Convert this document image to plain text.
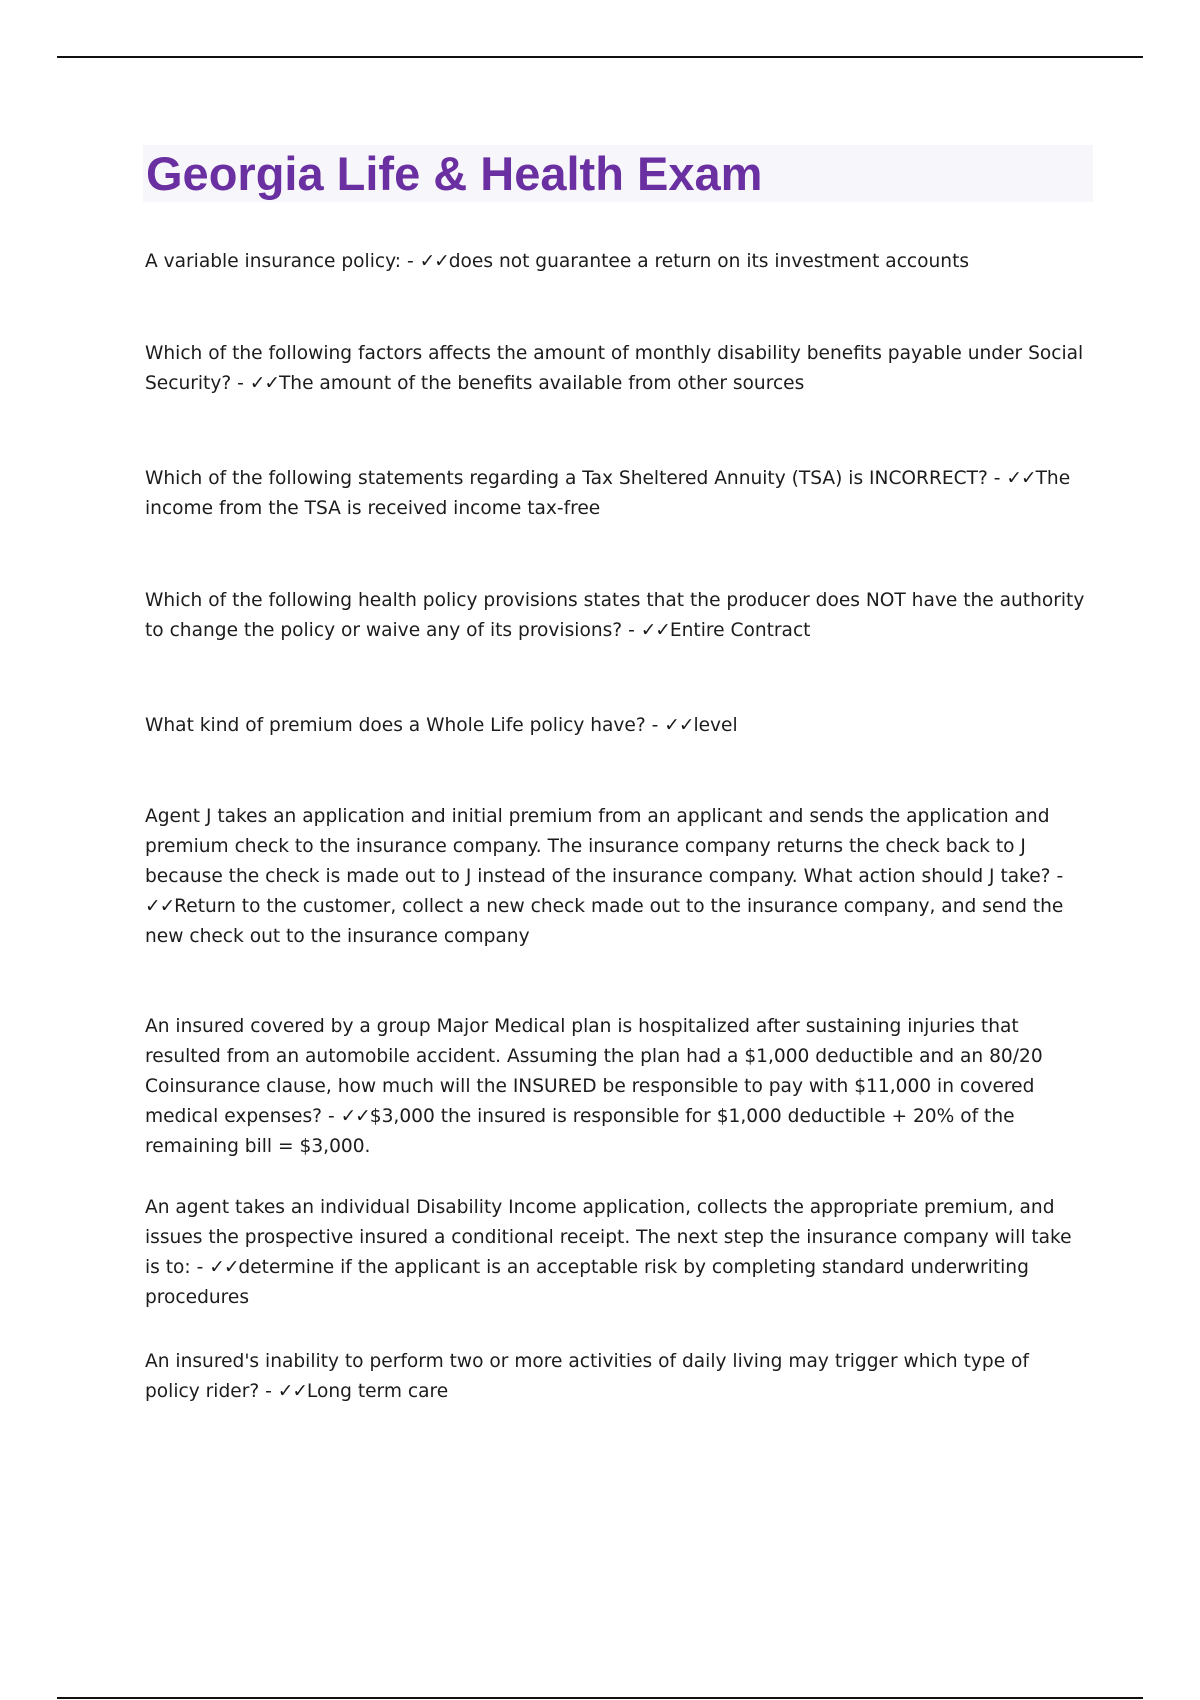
Georgia Life & Health Exam

A variable insurance policy: - ✓✓does not guarantee a return on its investment accounts

Which of the following factors affects the amount of monthly disability benefits payable under Social Security? - ✓✓The amount of the benefits available from other sources

Which of the following statements regarding a Tax Sheltered Annuity (TSA) is INCORRECT? - ✓✓The income from the TSA is received income tax-free

Which of the following health policy provisions states that the producer does NOT have the authority to change the policy or waive any of its provisions? - ✓✓Entire Contract

What kind of premium does a Whole Life policy have? - ✓✓level

Agent J takes an application and initial premium from an applicant and sends the application and premium check to the insurance company. The insurance company returns the check back to J because the check is made out to J instead of the insurance company. What action should J take? - ✓✓Return to the customer, collect a new check made out to the insurance company, and send the new check out to the insurance company

An insured covered by a group Major Medical plan is hospitalized after sustaining injuries that resulted from an automobile accident. Assuming the plan had a $1,000 deductible and an 80/20 Coinsurance clause, how much will the INSURED be responsible to pay with $11,000 in covered medical expenses? - ✓✓$3,000 the insured is responsible for $1,000 deductible + 20% of the remaining bill = $3,000.

An agent takes an individual Disability Income application, collects the appropriate premium, and issues the prospective insured a conditional receipt. The next step the insurance company will take is to: - ✓✓determine if the applicant is an acceptable risk by completing standard underwriting procedures

An insured's inability to perform two or more activities of daily living may trigger which type of policy rider? - ✓✓Long term care
